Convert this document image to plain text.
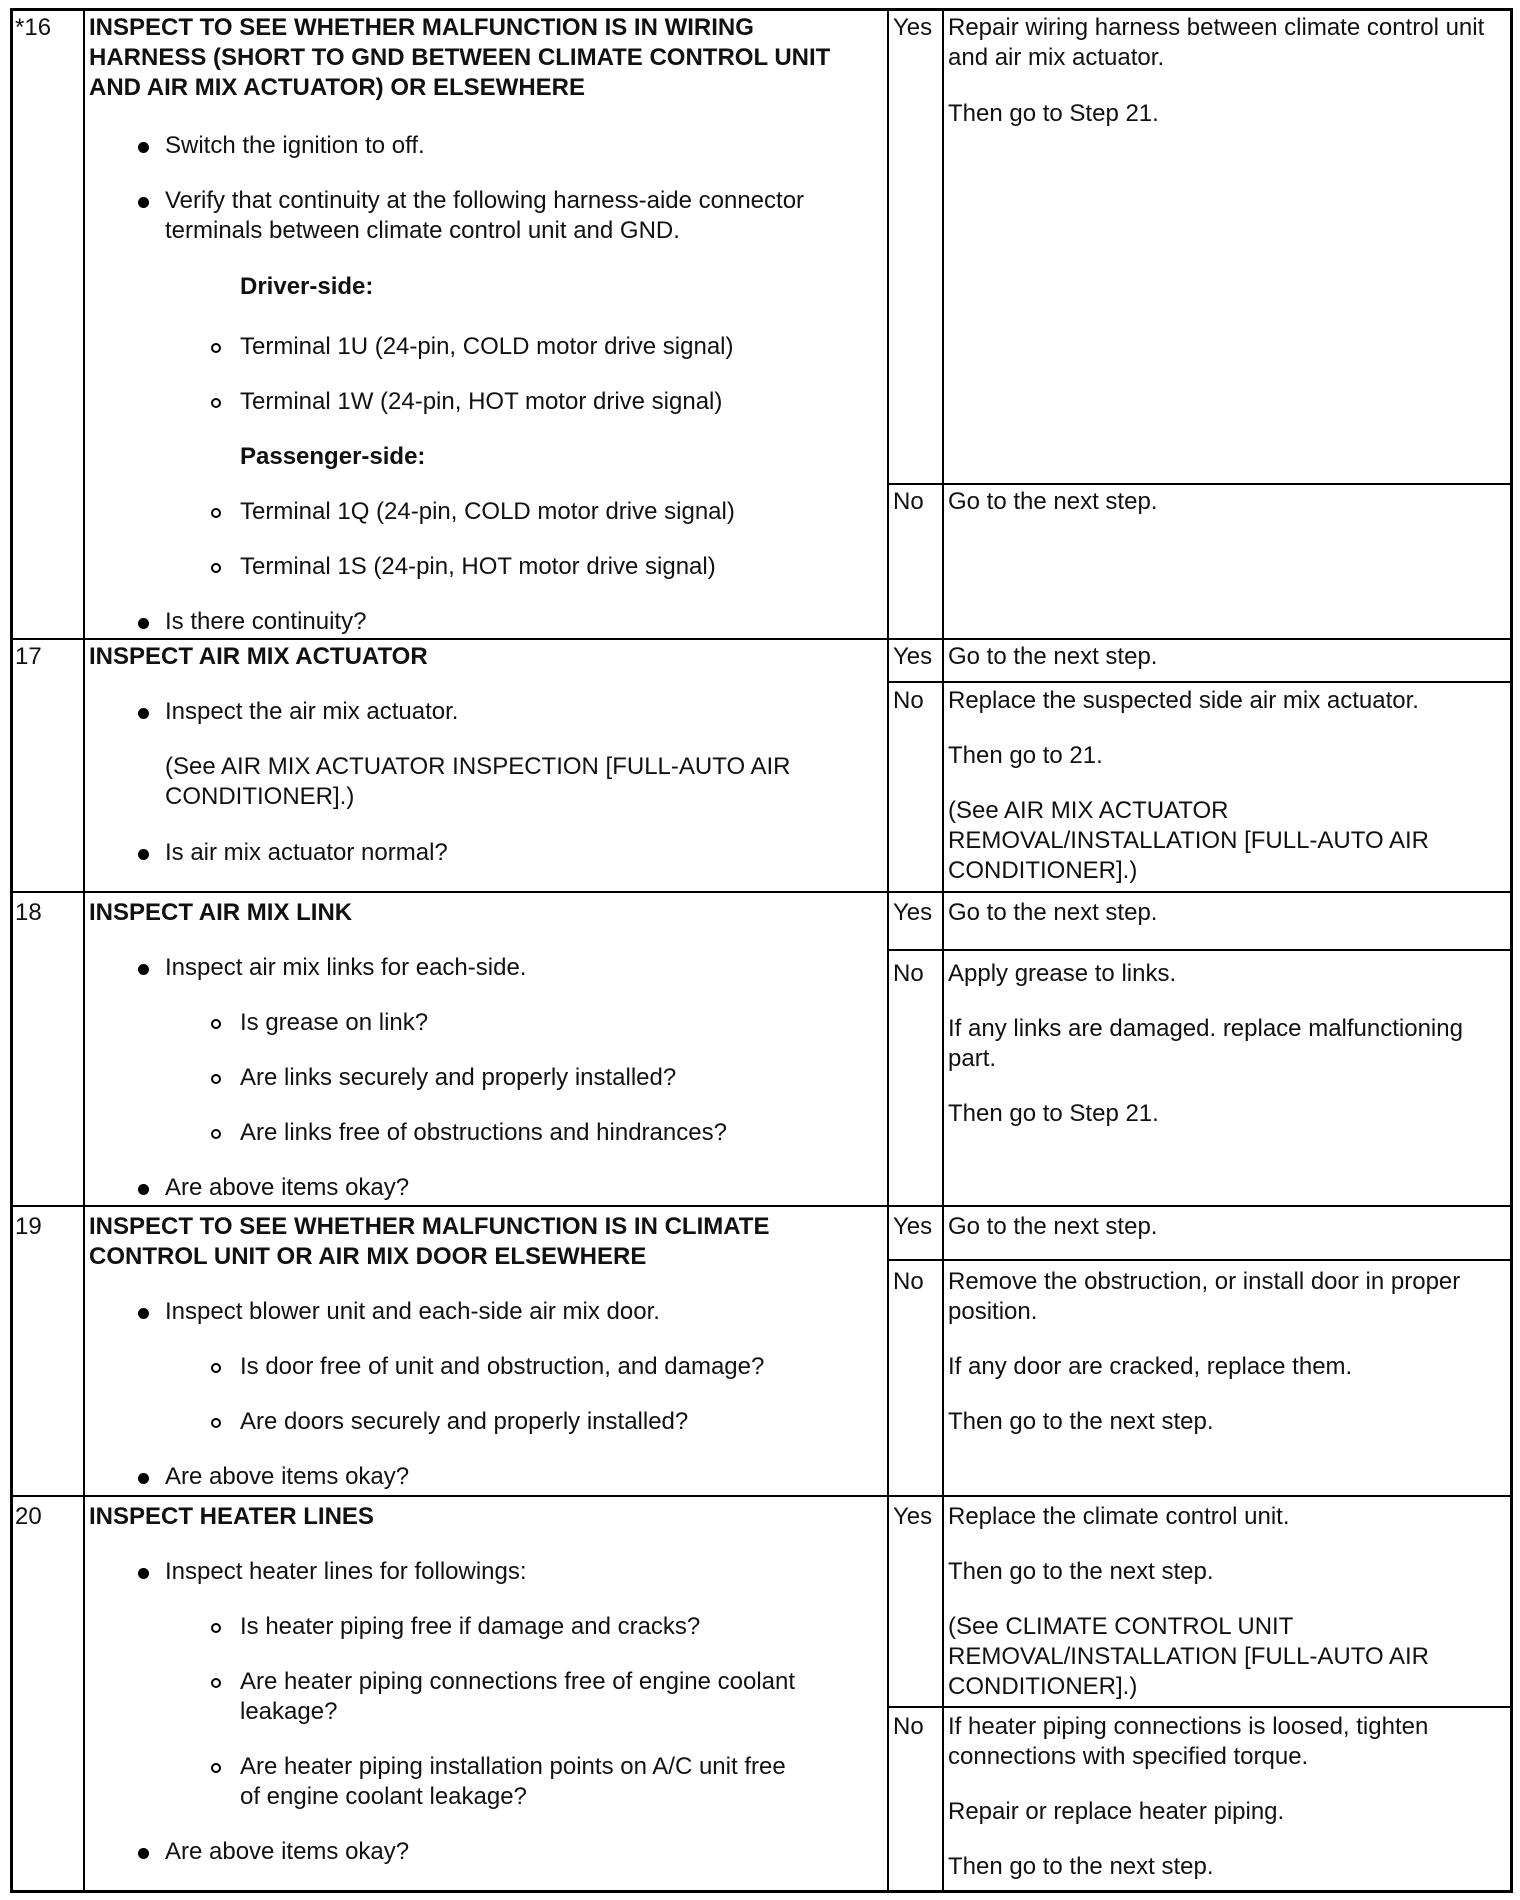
*16 INSPECT TO SEE WHETHER MALFUNCTION IS IN WIRING
HARNESS (SHORT TO GND BETWEEN CLIMATE CONTROL UNIT
AND AIR MIX ACTUATOR) OR ELSEWHERE
Switch the ignition to off.
Verify that continuity at the following harness-aide connector
terminals between climate control unit and GND.
Driver-side:
Terminal 1U (24-pin, COLD motor drive signal)
Terminal 1W (24-pin, HOT motor drive signal)
Passenger-side:
Terminal 1Q (24-pin, COLD motor drive signal)
Terminal 1S (24-pin, HOT motor drive signal)
Is there continuity?
Yes Repair wiring harness between climate control unit
and air mix actuator.
Then go to Step 21.
No Go to the next step.
17 INSPECT AIR MIX ACTUATOR
Inspect the air mix actuator.
(See AIR MIX ACTUATOR INSPECTION [FULL-AUTO AIR
CONDITIONER].)
Is air mix actuator normal?
Yes Go to the next step.
No Replace the suspected side air mix actuator.
Then go to 21.
(See AIR MIX ACTUATOR
REMOVAL/INSTALLATION [FULL-AUTO AIR
CONDITIONER].)
18 INSPECT AIR MIX LINK
Inspect air mix links for each-side.
Is grease on link?
Are links securely and properly installed?
Are links free of obstructions and hindrances?
Are above items okay?
Yes Go to the next step.
No Apply grease to links.
If any links are damaged. replace malfunctioning
part.
Then go to Step 21.
19 INSPECT TO SEE WHETHER MALFUNCTION IS IN CLIMATE
CONTROL UNIT OR AIR MIX DOOR ELSEWHERE
Inspect blower unit and each-side air mix door.
Is door free of unit and obstruction, and damage?
Are doors securely and properly installed?
Are above items okay?
Yes Go to the next step.
No Remove the obstruction, or install door in proper
position.
If any door are cracked, replace them.
Then go to the next step.
20 INSPECT HEATER LINES
Inspect heater lines for followings:
Is heater piping free if damage and cracks?
Are heater piping connections free of engine coolant
leakage?
Are heater piping installation points on A/C unit free
of engine coolant leakage?
Are above items okay?
Yes Replace the climate control unit.
Then go to the next step.
(See CLIMATE CONTROL UNIT
REMOVAL/INSTALLATION [FULL-AUTO AIR
CONDITIONER].)
No If heater piping connections is loosed, tighten
connections with specified torque.
Repair or replace heater piping.
Then go to the next step.
